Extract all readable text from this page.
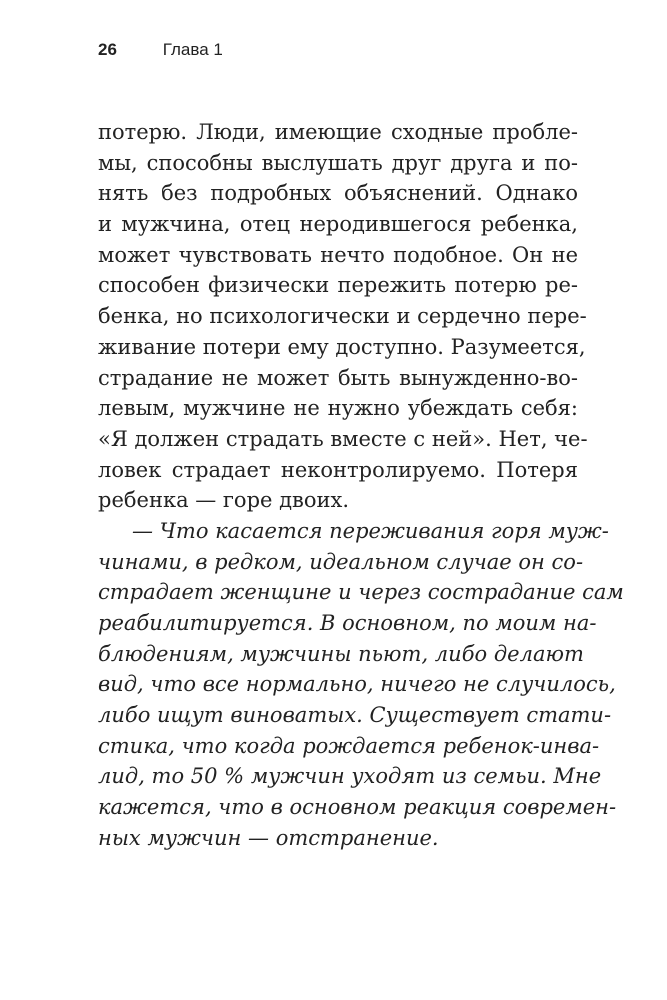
26	Глава 1
потерю. Люди, имеющие сходные пробле-
мы, способны выслушать друг друга и по-
нять без подробных объяснений. Однако
и мужчина, отец неродившегося ребенка,
может чувствовать нечто подобное. Он не
способен физически пережить потерю ре-
бенка, но психологически и сердечно пере-
живание потери ему доступно. Разумеется,
страдание не может быть вынужденно-во-
левым, мужчине не нужно убеждать себя:
«Я должен страдать вместе с ней». Нет, че-
ловек страдает неконтролируемо. Потеря
ребенка — горе двоих.
— Что касается переживания горя муж-
чинами, в редком, идеальном случае он со-
страдает женщине и через сострадание сам
реабилитируется. В основном, по моим на-
блюдениям, мужчины пьют, либо делают
вид, что все нормально, ничего не случилось,
либо ищут виноватых. Существует стати-
стика, что когда рождается ребенок-инва-
лид, то 50 % мужчин уходят из семьи. Мне
кажется, что в основном реакция современ-
ных мужчин — отстранение.
